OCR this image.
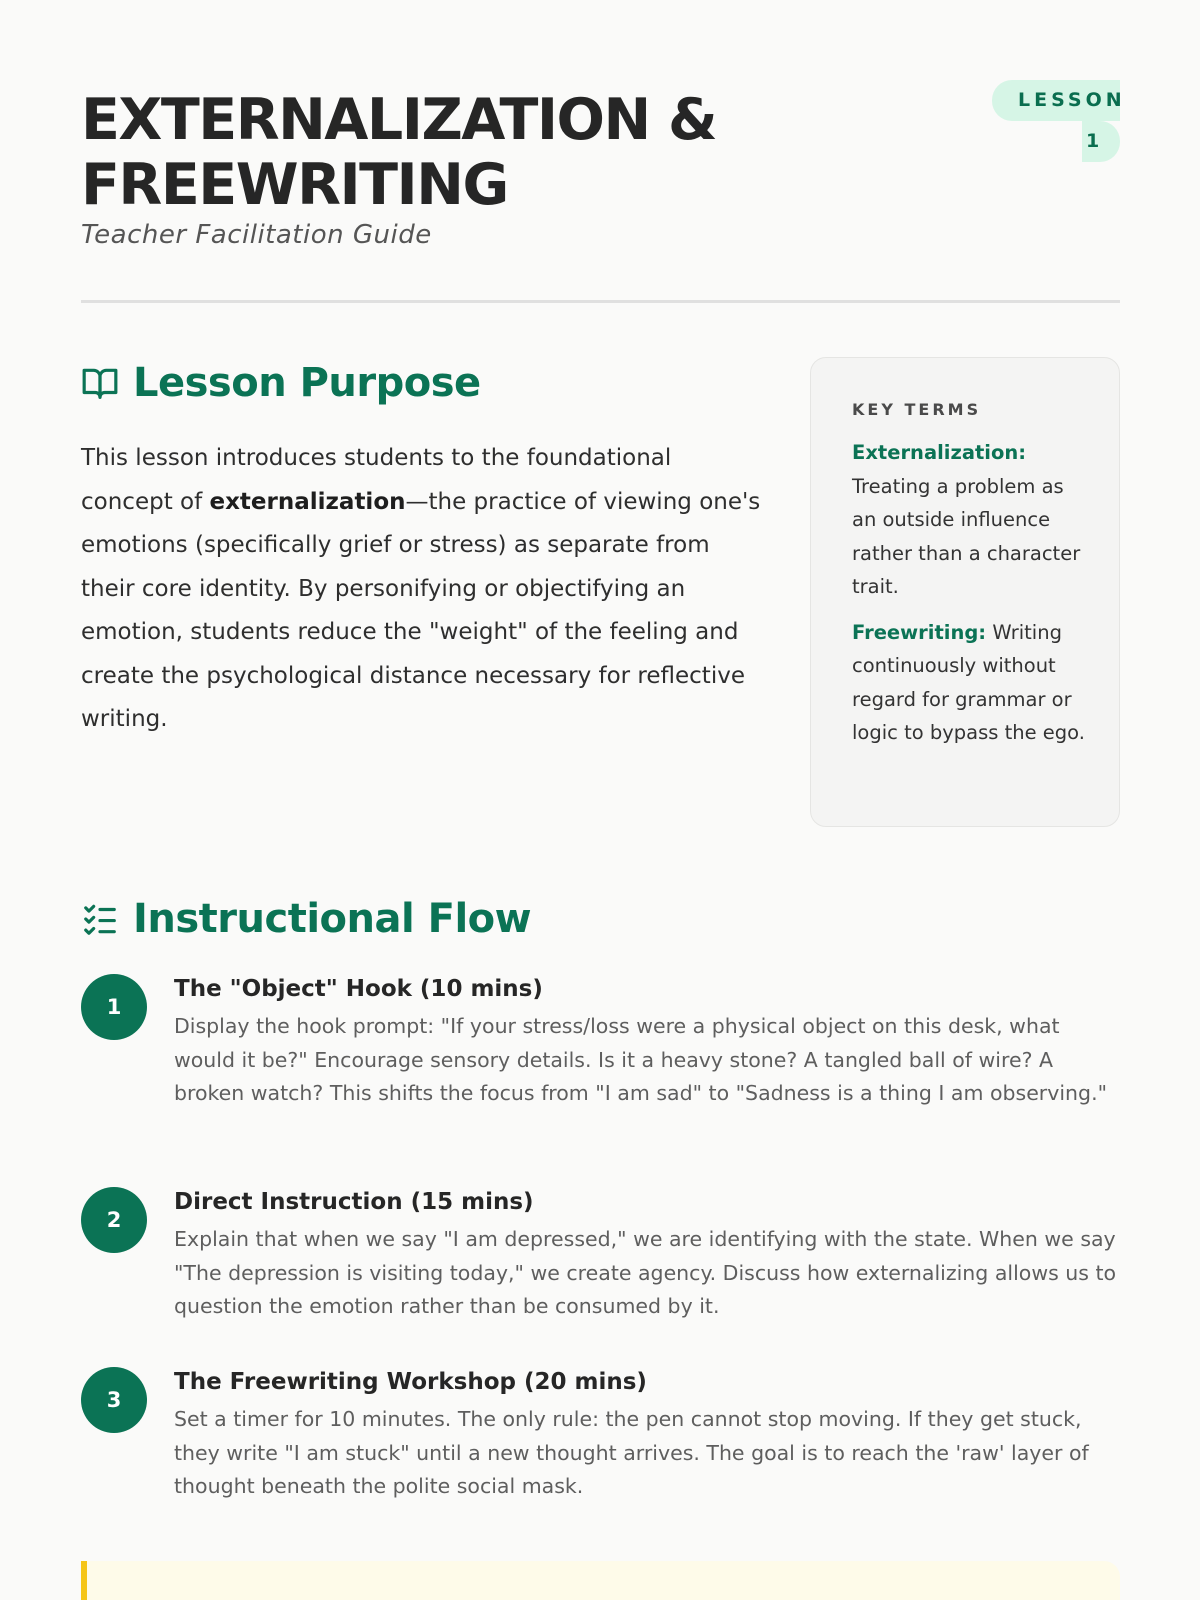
EXTERNALIZATION &
FREEWRITING
Teacher Facilitation Guide
LESSON
1
Lesson Purpose

This lesson introduces students to the foundational concept of externalization—the practice of viewing one's emotions (specifically grief or stress) as separate from their core identity. By personifying or objectifying an emotion, students reduce the "weight" of the feeling and create the psychological distance necessary for reflective writing.

KEY TERMS

Externalization: Treating a problem as an outside influence rather than a character trait.

Freewriting: Writing continuously without regard for grammar or logic to bypass the ego.

Instructional Flow
1
The "Object" Hook (10 mins)

Display the hook prompt: "If your stress/loss were a physical object on this desk, what would it be?" Encourage sensory details. Is it a heavy stone? A tangled ball of wire? A broken watch? This shifts the focus from "I am sad" to "Sadness is a thing I am observing."

2
Direct Instruction (15 mins)

Explain that when we say "I am depressed," we are identifying with the state. When we say "The depression is visiting today," we create agency. Discuss how externalizing allows us to question the emotion rather than be consumed by it.

3
The Freewriting Workshop (20 mins)

Set a timer for 10 minutes. The only rule: the pen cannot stop moving. If they get stuck, they write "I am stuck" until a new thought arrives. The goal is to reach the 'raw' layer of thought beneath the polite social mask.
